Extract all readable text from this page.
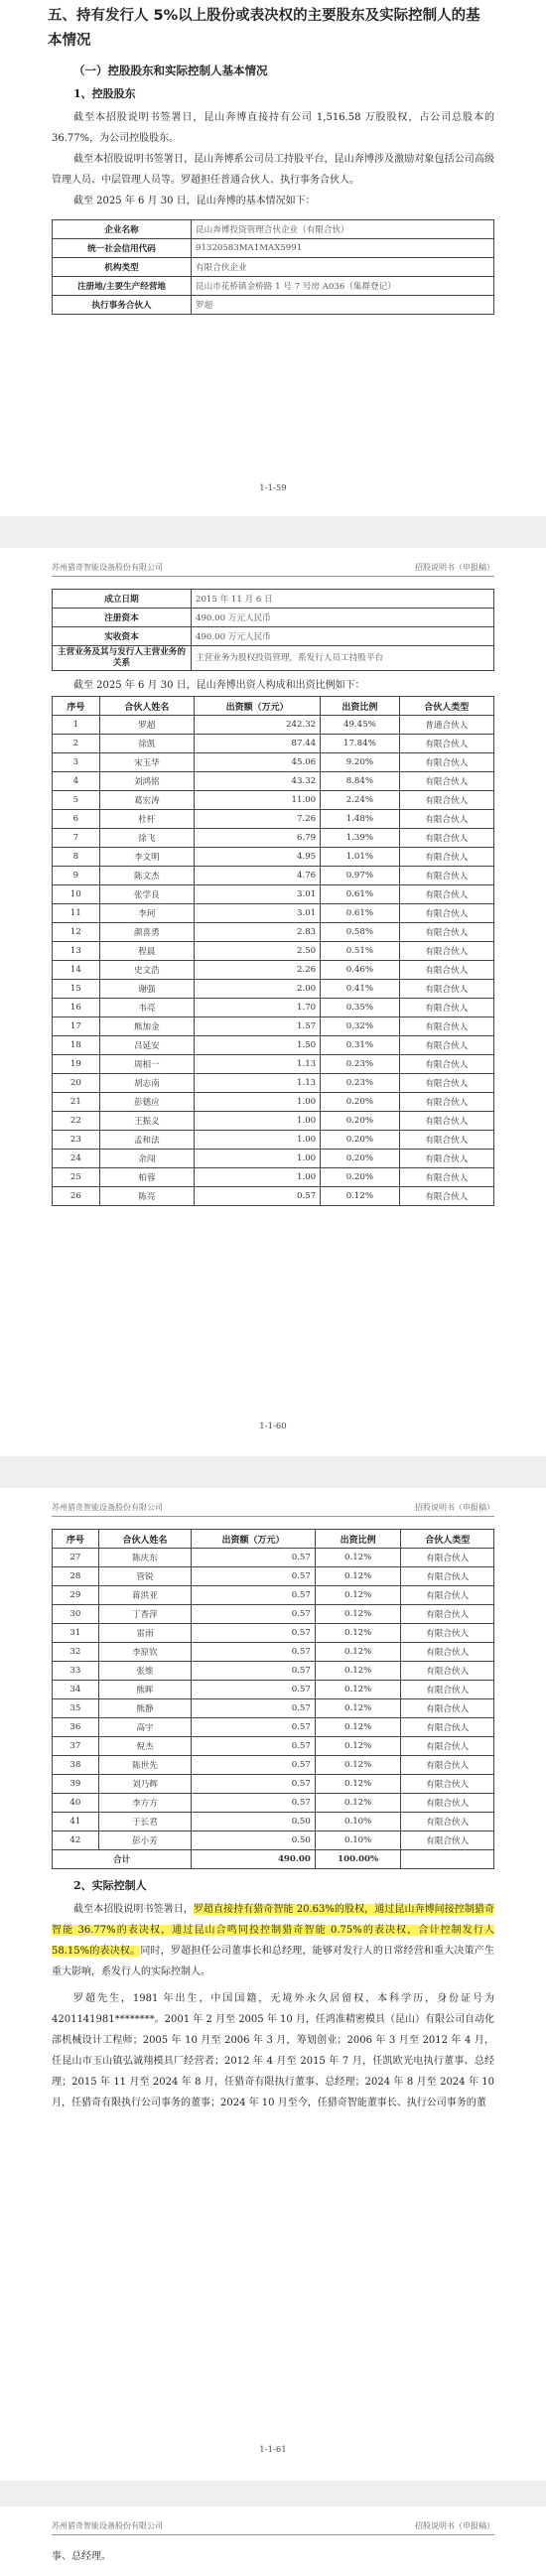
五、持有发行人 5%以上股份或表决权的主要股东及实际控制人的基本情况
（一）控股股东和实际控制人基本情况
1、控股股东

截至本招股说明书签署日，昆山奔博直接持有公司 1,516.58 万股股权，占公司总股本的 36.77%，为公司控股股东。

截至本招股说明书签署日，昆山奔博系公司员工持股平台，昆山奔博涉及激励对象包括公司高级管理人员、中层管理人员等。罗超担任普通合伙人、执行事务合伙人。

截至 2025 年 6 月 30 日，昆山奔博的基本情况如下：

企业名称	昆山奔博投资管理合伙企业（有限合伙）
统一社会信用代码	91320583MA1MAX5991
机构类型	有限合伙企业
注册地/主要生产经营地	昆山市花桥镇金桥路 1 号 7 号房 A036（集群登记）
执行事务合伙人	罗超
1-1-59
苏州猎奇智能设备股份有限公司	招股说明书（申报稿）
成立日期	2015 年 11 月 6 日
注册资本	490.00 万元人民币
实收资本	490.00 万元人民币
主营业务及其与发行人主营业务的关系	主营业务为股权投资管理，系发行人员工持股平台

截至 2025 年 6 月 30 日，昆山奔博出资人构成和出资比例如下：

序号	合伙人姓名	出资额（万元）	出资比例	合伙人类型
1	罗超	242.32	49.45%	普通合伙人
2	徐凯	87.44	17.84%	有限合伙人
3	宋玉华	45.06	9.20%	有限合伙人
4	刘鸿铭	43.32	8.84%	有限合伙人
5	葛宏涛	11.00	2.24%	有限合伙人
6	杜杆	7.26	1.48%	有限合伙人
7	徐飞	6.79	1.39%	有限合伙人
8	李文明	4.95	1.01%	有限合伙人
9	陈文杰	4.76	0.97%	有限合伙人
10	张学良	3.01	0.61%	有限合伙人
11	李珂	3.01	0.61%	有限合伙人
12	颜喜勇	2.83	0.58%	有限合伙人
13	程晨	2.50	0.51%	有限合伙人
14	史文浩	2.26	0.46%	有限合伙人
15	谢强	2.00	0.41%	有限合伙人
16	韦亮	1.70	0.35%	有限合伙人
17	熊加金	1.57	0.32%	有限合伙人
18	吕延安	1.50	0.31%	有限合伙人
19	周相一	1.13	0.23%	有限合伙人
20	胡志南	1.13	0.23%	有限合伙人
21	彭德应	1.00	0.20%	有限合伙人
22	王振义	1.00	0.20%	有限合伙人
23	孟和法	1.00	0.20%	有限合伙人
24	余闯	1.00	0.20%	有限合伙人
25	柏蓉	1.00	0.20%	有限合伙人
26	陈亮	0.57	0.12%	有限合伙人
1-1-60
苏州猎奇智能设备股份有限公司	招股说明书（申报稿）
序号	合伙人姓名	出资额（万元）	出资比例	合伙人类型
27	陈庆东	0.57	0.12%	有限合伙人
28	管锐	0.57	0.12%	有限合伙人
29	蒋洪亚	0.57	0.12%	有限合伙人
30	丁香萍	0.57	0.12%	有限合伙人
31	雷雨	0.57	0.12%	有限合伙人
32	李原钦	0.57	0.12%	有限合伙人
33	张维	0.57	0.12%	有限合伙人
34	熊晖	0.57	0.12%	有限合伙人
35	熊静	0.57	0.12%	有限合伙人
36	高宇	0.57	0.12%	有限合伙人
37	倪杰	0.57	0.12%	有限合伙人
38	陈世先	0.57	0.12%	有限合伙人
39	刘乃辉	0.57	0.12%	有限合伙人
40	李方方	0.57	0.12%	有限合伙人
41	于长君	0.50	0.10%	有限合伙人
42	彭小芳	0.50	0.10%	有限合伙人
合计		490.00	100.00%	
2、实际控制人

截至本招股说明书签署日，罗超直接持有猎奇智能 20.63%的股权，通过昆山奔博间接控制猎奇智能 36.77%的表决权，通过昆山合鸣同投控制猎奇智能 0.75%的表决权，合计控制发行人 58.15%的表决权。同时，罗超担任公司董事长和总经理，能够对发行人的日常经营和重大决策产生重大影响，系发行人的实际控制人。

罗超先生，1981 年出生，中国国籍，无境外永久居留权，本科学历，身份证号为 4201141981********。2001 年 2 月至 2005 年 10 月，任鸿准精密模具（昆山）有限公司自动化部机械设计工程师；2005 年 10 月至 2006 年 3 月，筹划创业；2006 年 3 月至 2012 年 4 月，任昆山市玉山镇弘诚翔模具厂经营者；2012 年 4 月至 2015 年 7 月，任凯欧光电执行董事、总经理；2015 年 11 月至 2024 年 8 月，任猎奇有限执行董事、总经理；2024 年 8 月至 2024 年 10 月，任猎奇有限执行公司事务的董事；2024 年 10 月至今，任猎奇智能董事长、执行公司事务的董

1-1-61
苏州猎奇智能设备股份有限公司	招股说明书（申报稿）

事、总经理。
